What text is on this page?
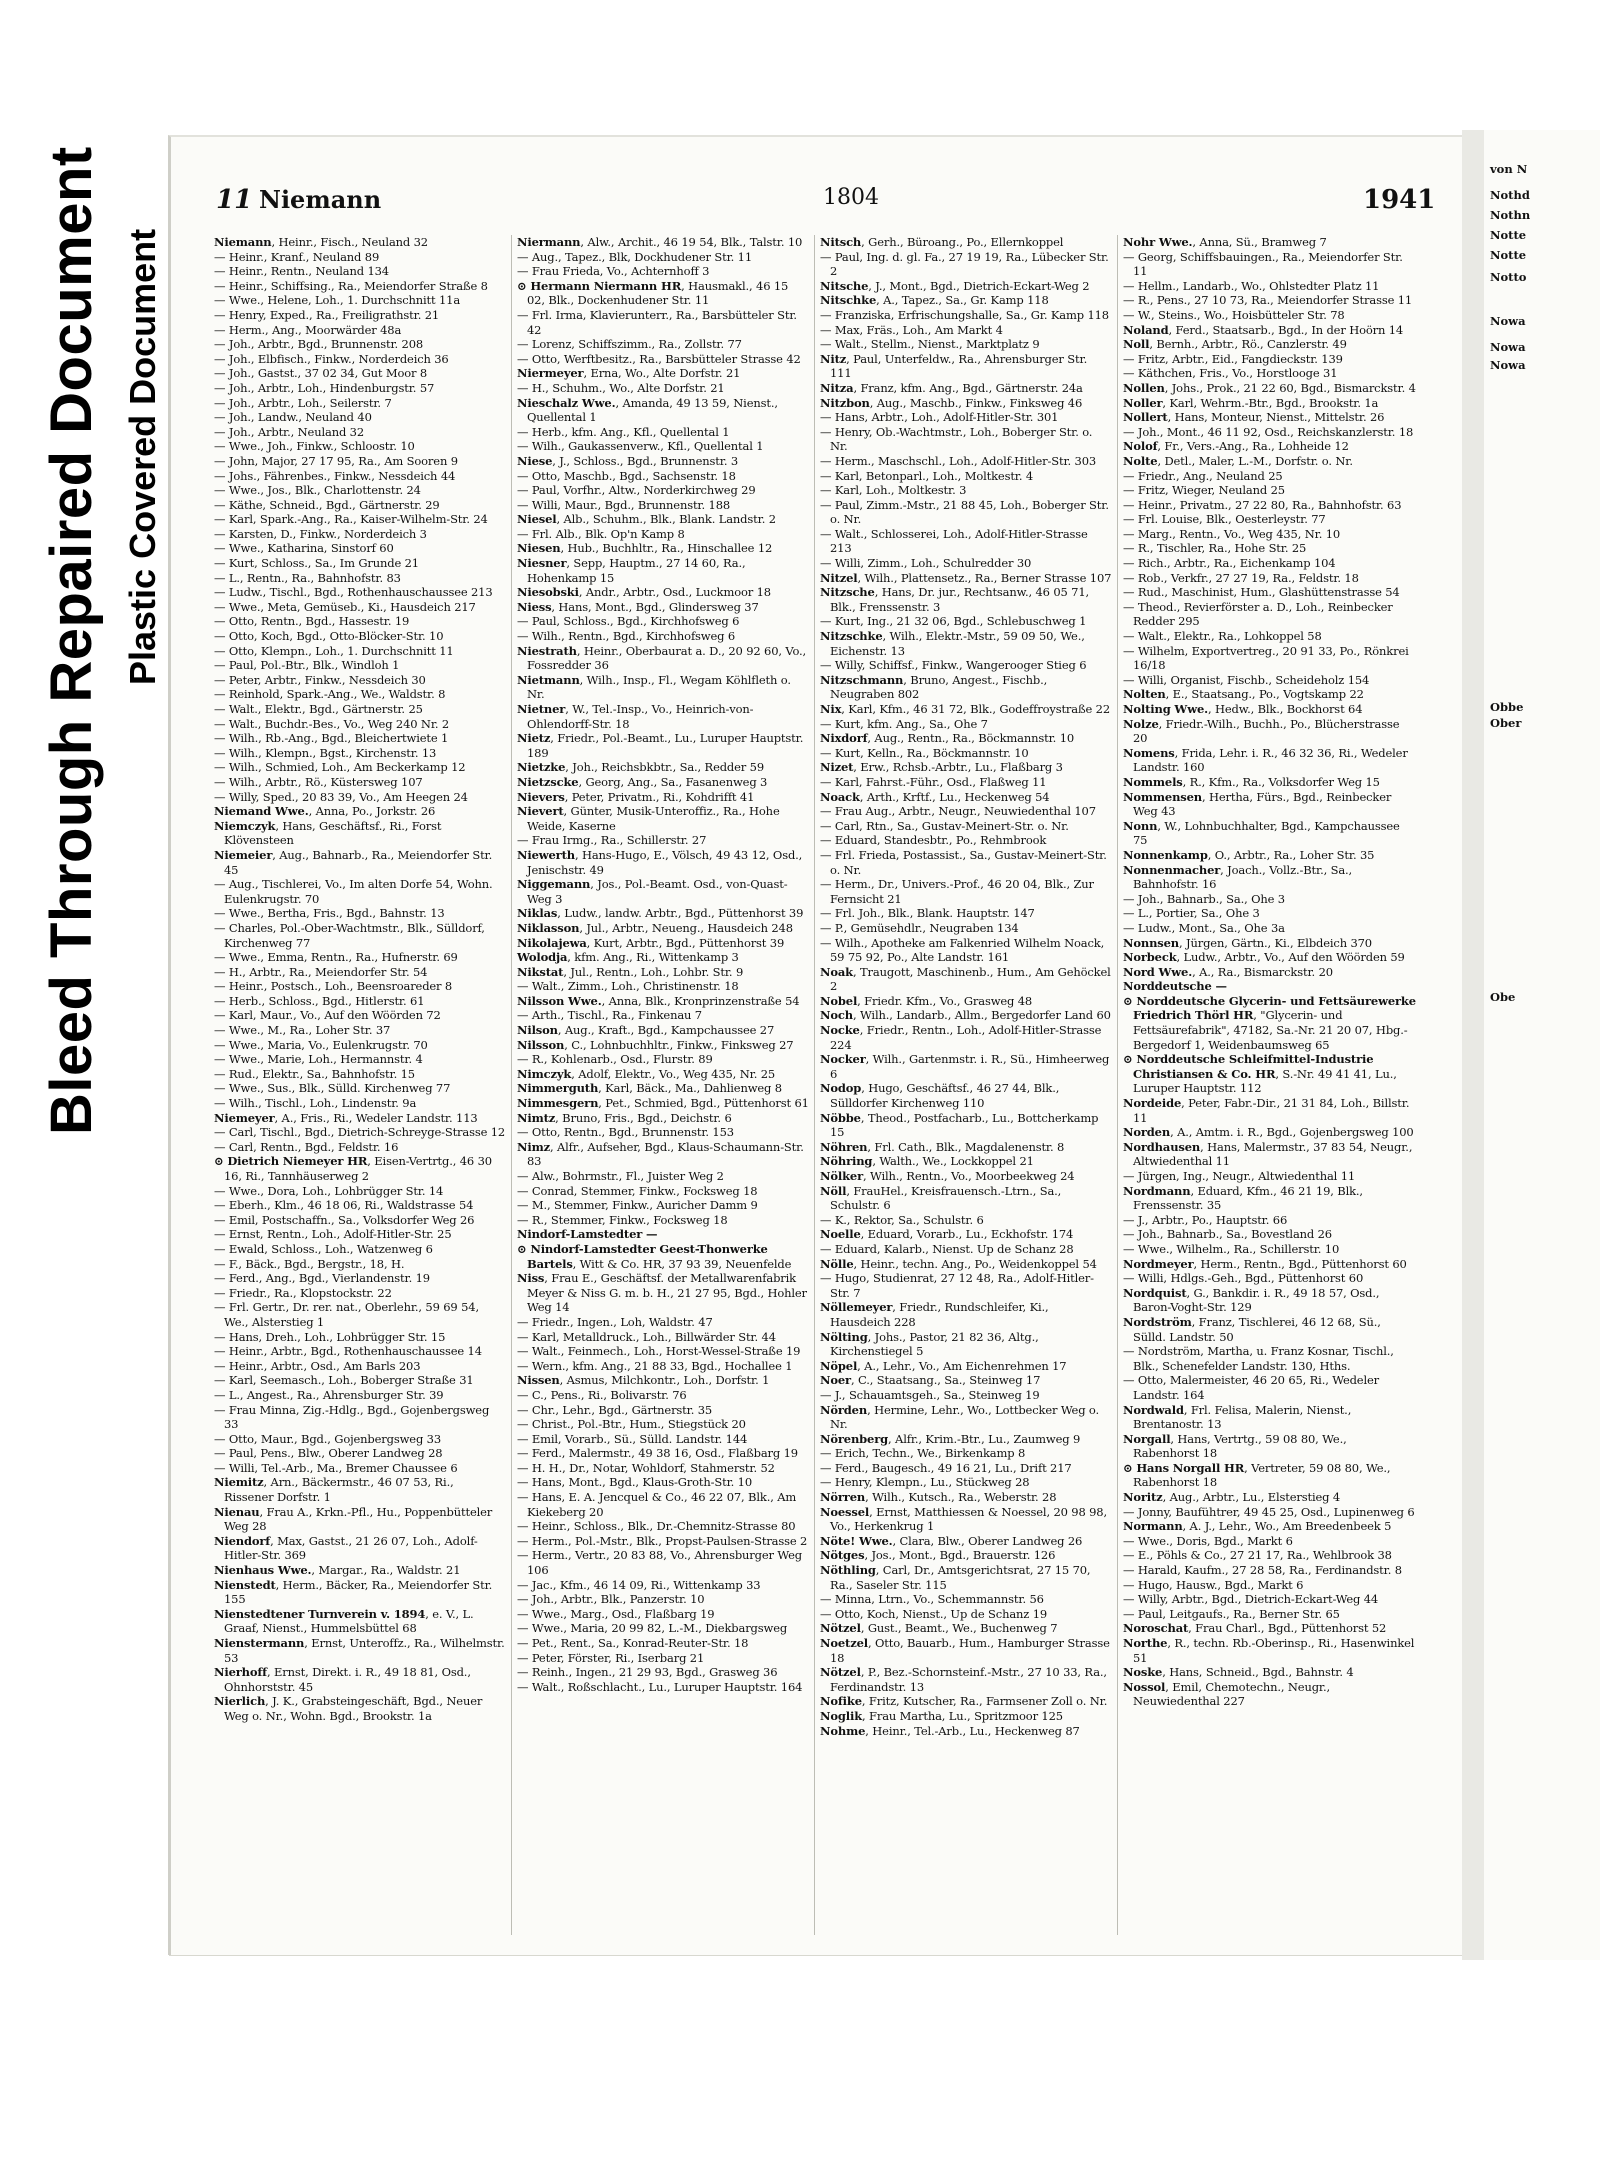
Bleed Through Repaired Document Plastic Covered Document
11 Niemann	1804	1941

Niemann, Heinr., Fisch., Neuland 32

— Heinr., Kranf., Neuland 89

— Heinr., Rentn., Neuland 134

— Heinr., Schiffsing., Ra., Meiendorfer Straße 8

— Wwe., Helene, Loh., 1. Durchschnitt 11a

— Henry, Exped., Ra., Freiligrathstr. 21

— Herm., Ang., Moorwärder 48a

— Joh., Arbtr., Bgd., Brunnenstr. 208

— Joh., Elbfisch., Finkw., Norderdeich 36

— Joh., Gastst., 37 02 34, Gut Moor 8

— Joh., Arbtr., Loh., Hindenburgstr. 57

— Joh., Arbtr., Loh., Seilerstr. 7

— Joh., Landw., Neuland 40

— Joh., Arbtr., Neuland 32

— Wwe., Joh., Finkw., Schloostr. 10

— John, Major, 27 17 95, Ra., Am Sooren 9

— Johs., Fährenbes., Finkw., Nessdeich 44

— Wwe., Jos., Blk., Charlottenstr. 24

— Käthe, Schneid., Bgd., Gärtnerstr. 29

— Karl, Spark.-Ang., Ra., Kaiser-Wilhelm-Str. 24

— Karsten, D., Finkw., Norderdeich 3

— Wwe., Katharina, Sinstorf 60

— Kurt, Schloss., Sa., Im Grunde 21

— L., Rentn., Ra., Bahnhofstr. 83

— Ludw., Tischl., Bgd., Rothenhauschaussee 213

— Wwe., Meta, Gemüseb., Ki., Hausdeich 217

— Otto, Rentn., Bgd., Hassestr. 19

— Otto, Koch, Bgd., Otto-Blöcker-Str. 10

— Otto, Klempn., Loh., 1. Durchschnitt 11

— Paul, Pol.-Btr., Blk., Windloh 1

— Peter, Arbtr., Finkw., Nessdeich 30

— Reinhold, Spark.-Ang., We., Waldstr. 8

— Walt., Elektr., Bgd., Gärtnerstr. 25

— Walt., Buchdr.-Bes., Vo., Weg 240 Nr. 2

— Wilh., Rb.-Ang., Bgd., Bleichertwiete 1

— Wilh., Klempn., Bgst., Kirchenstr. 13

— Wilh., Schmied, Loh., Am Beckerkamp 12

— Wilh., Arbtr., Rö., Küstersweg 107

— Willy, Sped., 20 83 39, Vo., Am Heegen 24

Niemand Wwe., Anna, Po., Jorkstr. 26

Niemczyk, Hans, Geschäftsf., Ri., Forst Klövensteen

Niemeier, Aug., Bahnarb., Ra., Meiendorfer Str. 45

— Aug., Tischlerei, Vo., Im alten Dorfe 54, Wohn. Eulenkrugstr. 70

— Wwe., Bertha, Fris., Bgd., Bahnstr. 13

— Charles, Pol.-Ober-Wachtmstr., Blk., Sülldorf, Kirchenweg 77

— Wwe., Emma, Rentn., Ra., Hufnerstr. 69

— H., Arbtr., Ra., Meiendorfer Str. 54

— Heinr., Postsch., Loh., Beensroareder 8

— Herb., Schloss., Bgd., Hitlerstr. 61

— Karl, Maur., Vo., Auf den Wöörden 72

— Wwe., M., Ra., Loher Str. 37

— Wwe., Maria, Vo., Eulenkrugstr. 70

— Wwe., Marie, Loh., Hermannstr. 4

— Rud., Elektr., Sa., Bahnhofstr. 15

— Wwe., Sus., Blk., Sülld. Kirchenweg 77

— Wilh., Tischl., Loh., Lindenstr. 9a

Niemeyer, A., Fris., Ri., Wedeler Landstr. 113

— Carl, Tischl., Bgd., Dietrich-Schreyge-Strasse 12

— Carl, Rentn., Bgd., Feldstr. 16

⊙ Dietrich Niemeyer HR, Eisen-Vertrtg., 46 30 16, Ri., Tannhäuserweg 2

— Wwe., Dora, Loh., Lohbrügger Str. 14

— Eberh., Klm., 46 18 06, Ri., Waldstrasse 54

— Emil, Postschaffn., Sa., Volksdorfer Weg 26

— Ernst, Rentn., Loh., Adolf-Hitler-Str. 25

— Ewald, Schloss., Loh., Watzenweg 6

— F., Bäck., Bgd., Bergstr., 18, H.

— Ferd., Ang., Bgd., Vierlandenstr. 19

— Friedr., Ra., Klopstockstr. 22

— Frl. Gertr., Dr. rer. nat., Oberlehr., 59 69 54, We., Alsterstieg 1

— Hans, Dreh., Loh., Lohbrügger Str. 15

— Heinr., Arbtr., Bgd., Rothenhauschaussee 14

— Heinr., Arbtr., Osd., Am Barls 203

— Karl, Seemasch., Loh., Boberger Straße 31

— L., Angest., Ra., Ahrensburger Str. 39

— Frau Minna, Zig.-Hdlg., Bgd., Gojenbergsweg 33

— Otto, Maur., Bgd., Gojenbergsweg 33

— Paul, Pens., Blw., Oberer Landweg 28

— Willi, Tel.-Arb., Ma., Bremer Chaussee 6

Niemitz, Arn., Bäckermstr., 46 07 53, Ri., Rissener Dorfstr. 1

Nienau, Frau A., Krkn.-Pfl., Hu., Poppenbütteler Weg 28

Niendorf, Max, Gastst., 21 26 07, Loh., Adolf-Hitler-Str. 369

Nienhaus Wwe., Margar., Ra., Waldstr. 21

Nienstedt, Herm., Bäcker, Ra., Meiendorfer Str. 155

Nienstedtener Turnverein v. 1894, e. V., L. Graaf, Nienst., Hummelsbüttel 68

Nienstermann, Ernst, Unteroffz., Ra., Wilhelmstr. 53

Nierhoff, Ernst, Direkt. i. R., 49 18 81, Osd., Ohnhorststr. 45

Nierlich, J. K., Grabsteingeschäft, Bgd., Neuer Weg o. Nr., Wohn. Bgd., Brookstr. 1a

Niermann, Alw., Archit., 46 19 54, Blk., Talstr. 10

— Aug., Tapez., Blk, Dockhudener Str. 11

— Frau Frieda, Vo., Achternhoff 3

⊙ Hermann Niermann HR, Hausmakl., 46 15 02, Blk., Dockenhudener Str. 11

— Frl. Irma, Klavierunterr., Ra., Barsbütteler Str. 42

— Lorenz, Schiffszimm., Ra., Zollstr. 77

— Otto, Werftbesitz., Ra., Barsbütteler Strasse 42

Niermeyer, Erna, Wo., Alte Dorfstr. 21

— H., Schuhm., Wo., Alte Dorfstr. 21

Nieschalz Wwe., Amanda, 49 13 59, Nienst., Quellental 1

— Herb., kfm. Ang., Kfl., Quellental 1

— Wilh., Gaukassenverw., Kfl., Quellental 1

Niese, J., Schloss., Bgd., Brunnenstr. 3

— Otto, Maschb., Bgd., Sachsenstr. 18

— Paul, Vorfhr., Altw., Norderkirchweg 29

— Willi, Maur., Bgd., Brunnenstr. 188

Niesel, Alb., Schuhm., Blk., Blank. Landstr. 2

— Frl. Alb., Blk. Op'n Kamp 8

Niesen, Hub., Buchhltr., Ra., Hinschallee 12

Niesner, Sepp, Hauptm., 27 14 60, Ra., Hohenkamp 15

Niesobski, Andr., Arbtr., Osd., Luckmoor 18

Niess, Hans, Mont., Bgd., Glindersweg 37

— Paul, Schloss., Bgd., Kirchhofsweg 6

— Wilh., Rentn., Bgd., Kirchhofsweg 6

Niestrath, Heinr., Oberbaurat a. D., 20 92 60, Vo., Fossredder 36

Nietmann, Wilh., Insp., Fl., Wegam Köhlfleth o. Nr.

Nietner, W., Tel.-Insp., Vo., Heinrich-von-Ohlendorff-Str. 18

Nietz, Friedr., Pol.-Beamt., Lu., Luruper Hauptstr. 189

Nietzke, Joh., Reichsbkbtr., Sa., Redder 59

Nietzscke, Georg, Ang., Sa., Fasanenweg 3

Nievers, Peter, Privatm., Ri., Kohdrifft 41

Nievert, Günter, Musik-Unteroffiz., Ra., Hohe Weide, Kaserne

— Frau Irmg., Ra., Schillerstr. 27

Niewerth, Hans-Hugo, E., Völsch, 49 43 12, Osd., Jenischstr. 49

Niggemann, Jos., Pol.-Beamt. Osd., von-Quast-Weg 3

Niklas, Ludw., landw. Arbtr., Bgd., Püttenhorst 39

Niklasson, Jul., Arbtr., Neueng., Hausdeich 248

Nikolajewa, Kurt, Arbtr., Bgd., Püttenhorst 39

Wolodja, kfm. Ang., Ri., Wittenkamp 3

Nikstat, Jul., Rentn., Loh., Lohbr. Str. 9

— Walt., Zimm., Loh., Christinenstr. 18

Nilsson Wwe., Anna, Blk., Kronprinzenstraße 54

— Arth., Tischl., Ra., Finkenau 7

Nilson, Aug., Kraft., Bgd., Kampchaussee 27

Nilsson, C., Lohnbuchhltr., Finkw., Finksweg 27

— R., Kohlenarb., Osd., Flurstr. 89

Nimczyk, Adolf, Elektr., Vo., Weg 435, Nr. 25

Nimmerguth, Karl, Bäck., Ma., Dahlienweg 8

Nimmesgern, Pet., Schmied, Bgd., Püttenhorst 61

Nimtz, Bruno, Fris., Bgd., Deichstr. 6

— Otto, Rentn., Bgd., Brunnenstr. 153

Nimz, Alfr., Aufseher, Bgd., Klaus-Schaumann-Str. 83

— Alw., Bohrmstr., Fl., Juister Weg 2

— Conrad, Stemmer, Finkw., Focksweg 18

— M., Stemmer, Finkw., Auricher Damm 9

— R., Stemmer, Finkw., Focksweg 18

Nindorf-Lamstedter —

⊙ Nindorf-Lamstedter Geest-Thonwerke Bartels, Witt & Co. HR, 37 93 39, Neuenfelde

Niss, Frau E., Geschäftsf. der Metallwarenfabrik Meyer & Niss G. m. b. H., 21 27 95, Bgd., Hohler Weg 14

— Friedr., Ingen., Loh, Waldstr. 47

— Karl, Metalldruck., Loh., Billwärder Str. 44

— Walt., Feinmech., Loh., Horst-Wessel-Straße 19

— Wern., kfm. Ang., 21 88 33, Bgd., Hochallee 1

Nissen, Asmus, Milchkontr., Loh., Dorfstr. 1

— C., Pens., Ri., Bolivarstr. 76

— Chr., Lehr., Bgd., Gärtnerstr. 35

— Christ., Pol.-Btr., Hum., Stiegstück 20

— Emil, Vorarb., Sü., Sülld. Landstr. 144

— Ferd., Malermstr., 49 38 16, Osd., Flaßbarg 19

— H. H., Dr., Notar, Wohldorf, Stahmerstr. 52

— Hans, Mont., Bgd., Klaus-Groth-Str. 10

— Hans, E. A. Jencquel & Co., 46 22 07, Blk., Am Kiekeberg 20

— Heinr., Schloss., Blk., Dr.-Chemnitz-Strasse 80

— Herm., Pol.-Mstr., Blk., Propst-Paulsen-Strasse 2

— Herm., Vertr., 20 83 88, Vo., Ahrensburger Weg 106

— Jac., Kfm., 46 14 09, Ri., Wittenkamp 33

— Joh., Arbtr., Blk., Panzerstr. 10

— Wwe., Marg., Osd., Flaßbarg 19

— Wwe., Maria, 20 99 82, L.-M., Diekbargsweg

— Pet., Rent., Sa., Konrad-Reuter-Str. 18

— Peter, Förster, Ri., Iserbarg 21

— Reinh., Ingen., 21 29 93, Bgd., Grasweg 36

— Walt., Roßschlacht., Lu., Luruper Hauptstr. 164

Nitsch, Gerh., Büroang., Po., Ellernkoppel

— Paul, Ing. d. gl. Fa., 27 19 19, Ra., Lübecker Str. 2

Nitsche, J., Mont., Bgd., Dietrich-Eckart-Weg 2

Nitschke, A., Tapez., Sa., Gr. Kamp 118

— Franziska, Erfrischungshalle, Sa., Gr. Kamp 118

— Max, Fräs., Loh., Am Markt 4

— Walt., Stellm., Nienst., Marktplatz 9

Nitz, Paul, Unterfeldw., Ra., Ahrensburger Str. 111

Nitza, Franz, kfm. Ang., Bgd., Gärtnerstr. 24a

Nitzbon, Aug., Maschb., Finkw., Finksweg 46

— Hans, Arbtr., Loh., Adolf-Hitler-Str. 301

— Henry, Ob.-Wachtmstr., Loh., Boberger Str. o. Nr.

— Herm., Maschschl., Loh., Adolf-Hitler-Str. 303

— Karl, Betonparl., Loh., Moltkestr. 4

— Karl, Loh., Moltkestr. 3

— Paul, Zimm.-Mstr., 21 88 45, Loh., Boberger Str. o. Nr.

— Walt., Schlosserei, Loh., Adolf-Hitler-Strasse 213

— Willi, Zimm., Loh., Schulredder 30

Nitzel, Wilh., Plattensetz., Ra., Berner Strasse 107

Nitzsche, Hans, Dr. jur., Rechtsanw., 46 05 71, Blk., Frenssenstr. 3

— Kurt, Ing., 21 32 06, Bgd., Schlebuschweg 1

Nitzschke, Wilh., Elektr.-Mstr., 59 09 50, We., Eichenstr. 13

— Willy, Schiffsf., Finkw., Wangerooger Stieg 6

Nitzschmann, Bruno, Angest., Fischb., Neugraben 802

Nix, Karl, Kfm., 46 31 72, Blk., Godeffroystraße 22

— Kurt, kfm. Ang., Sa., Ohe 7

Nixdorf, Aug., Rentn., Ra., Böckmannstr. 10

— Kurt, Kelln., Ra., Böckmannstr. 10

Nizet, Erw., Rchsb.-Arbtr., Lu., Flaßbarg 3

— Karl, Fahrst.-Führ., Osd., Flaßweg 11

Noack, Arth., Krftf., Lu., Heckenweg 54

— Frau Aug., Arbtr., Neugr., Neuwiedenthal 107

— Carl, Rtn., Sa., Gustav-Meinert-Str. o. Nr.

— Eduard, Standesbtr., Po., Rehmbrook

— Frl. Frieda, Postassist., Sa., Gustav-Meinert-Str. o. Nr.

— Herm., Dr., Univers.-Prof., 46 20 04, Blk., Zur Fernsicht 21

— Frl. Joh., Blk., Blank. Hauptstr. 147

— P., Gemüsehdlr., Neugraben 134

— Wilh., Apotheke am Falkenried Wilhelm Noack, 59 75 92, Po., Alte Landstr. 161

Noak, Traugott, Maschinenb., Hum., Am Gehöckel 2

Nobel, Friedr. Kfm., Vo., Grasweg 48

Noch, Wilh., Landarb., Allm., Bergedorfer Land 60

Nocke, Friedr., Rentn., Loh., Adolf-Hitler-Strasse 224

Nocker, Wilh., Gartenmstr. i. R., Sü., Himheerweg 6

Nodop, Hugo, Geschäftsf., 46 27 44, Blk., Sülldorfer Kirchenweg 110

Nöbbe, Theod., Postfacharb., Lu., Bottcherkamp 15

Nöhren, Frl. Cath., Blk., Magdalenenstr. 8

Nöhring, Walth., We., Lockkoppel 21

Nölker, Wilh., Rentn., Vo., Moorbeekweg 24

Nöll, FrauHel., Kreisfrauensch.-Ltrn., Sa., Schulstr. 6

— K., Rektor, Sa., Schulstr. 6

Noelle, Eduard, Vorarb., Lu., Eckhofstr. 174

— Eduard, Kalarb., Nienst. Up de Schanz 28

Nölle, Heinr., techn. Ang., Po., Weidenkoppel 54

— Hugo, Studienrat, 27 12 48, Ra., Adolf-Hitler-Str. 7

Nöllemeyer, Friedr., Rundschleifer, Ki., Hausdeich 228

Nölting, Johs., Pastor, 21 82 36, Altg., Kirchenstiegel 5

Nöpel, A., Lehr., Vo., Am Eichenrehmen 17

Noer, C., Staatsang., Sa., Steinweg 17

— J., Schauamtsgeh., Sa., Steinweg 19

Nörden, Hermine, Lehr., Wo., Lottbecker Weg o. Nr.

Nörenberg, Alfr., Krim.-Btr., Lu., Zaumweg 9

— Erich, Techn., We., Birkenkamp 8

— Ferd., Baugesch., 49 16 21, Lu., Drift 217

— Henry, Klempn., Lu., Stückweg 28

Nörren, Wilh., Kutsch., Ra., Weberstr. 28

Noessel, Ernst, Matthiessen & Noessel, 20 98 98, Vo., Herkenkrug 1

Nöte! Wwe., Clara, Blw., Oberer Landweg 26

Nötges, Jos., Mont., Bgd., Brauerstr. 126

Nöthling, Carl, Dr., Amtsgerichtsrat, 27 15 70, Ra., Saseler Str. 115

— Minna, Ltrn., Vo., Schemmannstr. 56

— Otto, Koch, Nienst., Up de Schanz 19

Nötzel, Gust., Beamt., We., Buchenweg 7

Noetzel, Otto, Bauarb., Hum., Hamburger Strasse 18

Nötzel, P., Bez.-Schornsteinf.-Mstr., 27 10 33, Ra., Ferdinandstr. 13

Nofike, Fritz, Kutscher, Ra., Farmsener Zoll o. Nr.

Noglik, Frau Martha, Lu., Spritzmoor 125

Nohme, Heinr., Tel.-Arb., Lu., Heckenweg 87

Nohr Wwe., Anna, Sü., Bramweg 7

— Georg, Schiffsbauingen., Ra., Meiendorfer Str. 11

— Hellm., Landarb., Wo., Ohlstedter Platz 11

— R., Pens., 27 10 73, Ra., Meiendorfer Strasse 11

— W., Steins., Wo., Hoisbütteler Str. 78

Noland, Ferd., Staatsarb., Bgd., In der Hoörn 14

Noll, Bernh., Arbtr., Rö., Canzlerstr. 49

— Fritz, Arbtr., Eid., Fangdieckstr. 139

— Käthchen, Fris., Vo., Horstlooge 31

Nollen, Johs., Prok., 21 22 60, Bgd., Bismarckstr. 4

Noller, Karl, Wehrm.-Btr., Bgd., Brookstr. 1a

Nollert, Hans, Monteur, Nienst., Mittelstr. 26

— Joh., Mont., 46 11 92, Osd., Reichskanzlerstr. 18

Nolof, Fr., Vers.-Ang., Ra., Lohheide 12

Nolte, Detl., Maler, L.-M., Dorfstr. o. Nr.

— Friedr., Ang., Neuland 25

— Fritz, Wieger, Neuland 25

— Heinr., Privatm., 27 22 80, Ra., Bahnhofstr. 63

— Frl. Louise, Blk., Oesterleystr. 77

— Marg., Rentn., Vo., Weg 435, Nr. 10

— R., Tischler, Ra., Hohe Str. 25

— Rich., Arbtr., Ra., Eichenkamp 104

— Rob., Verkfr., 27 27 19, Ra., Feldstr. 18

— Rud., Maschinist, Hum., Glashüttenstrasse 54

— Theod., Revierförster a. D., Loh., Reinbecker Redder 295

— Walt., Elektr., Ra., Lohkoppel 58

— Wilhelm, Exportvertreg., 20 91 33, Po., Rönkrei 16/18

— Willi, Organist, Fischb., Scheideholz 154

Nolten, E., Staatsang., Po., Vogtskamp 22

Nolting Wwe., Hedw., Blk., Bockhorst 64

Nolze, Friedr.-Wilh., Buchh., Po., Blücherstrasse 20

Nomens, Frida, Lehr. i. R., 46 32 36, Ri., Wedeler Landstr. 160

Nommels, R., Kfm., Ra., Volksdorfer Weg 15

Nommensen, Hertha, Fürs., Bgd., Reinbecker Weg 43

Nonn, W., Lohnbuchhalter, Bgd., Kampchaussee 75

Nonnenkamp, O., Arbtr., Ra., Loher Str. 35

Nonnenmacher, Joach., Vollz.-Btr., Sa., Bahnhofstr. 16

— Joh., Bahnarb., Sa., Ohe 3

— L., Portier, Sa., Ohe 3

— Ludw., Mont., Sa., Ohe 3a

Nonnsen, Jürgen, Gärtn., Ki., Elbdeich 370

Norbeck, Ludw., Arbtr., Vo., Auf den Wöörden 59

Nord Wwe., A., Ra., Bismarckstr. 20

Norddeutsche —

⊙ Norddeutsche Glycerin- und Fettsäurewerke Friedrich Thörl HR, "Glycerin- und Fettsäurefabrik", 47182, Sa.-Nr. 21 20 07, Hbg.-Bergedorf 1, Weidenbaumsweg 65

⊙ Norddeutsche Schleifmittel-Industrie Christiansen & Co. HR, S.-Nr. 49 41 41, Lu., Luruper Hauptstr. 112

Nordeide, Peter, Fabr.-Dir., 21 31 84, Loh., Billstr. 11

Norden, A., Amtm. i. R., Bgd., Gojenbergsweg 100

Nordhausen, Hans, Malermstr., 37 83 54, Neugr., Altwiedenthal 11

— Jürgen, Ing., Neugr., Altwiedenthal 11

Nordmann, Eduard, Kfm., 46 21 19, Blk., Frenssenstr. 35

— J., Arbtr., Po., Hauptstr. 66

— Joh., Bahnarb., Sa., Bovestland 26

— Wwe., Wilhelm., Ra., Schillerstr. 10

Nordmeyer, Herm., Rentn., Bgd., Püttenhorst 60

— Willi, Hdlgs.-Geh., Bgd., Püttenhorst 60

Nordquist, G., Bankdir. i. R., 49 18 57, Osd., Baron-Voght-Str. 129

Nordström, Franz, Tischlerei, 46 12 68, Sü., Sülld. Landstr. 50

— Nordström, Martha, u. Franz Kosnar, Tischl., Blk., Schenefelder Landstr. 130, Hths.

— Otto, Malermeister, 46 20 65, Ri., Wedeler Landstr. 164

Nordwald, Frl. Felisa, Malerin, Nienst., Brentanostr. 13

Norgall, Hans, Vertrtg., 59 08 80, We., Rabenhorst 18

⊙ Hans Norgall HR, Vertreter, 59 08 80, We., Rabenhorst 18

Noritz, Aug., Arbtr., Lu., Elsterstieg 4

— Jonny, Baufühtrer, 49 45 25, Osd., Lupinenweg 6

Normann, A. J., Lehr., Wo., Am Breedenbeek 5

— Wwe., Doris, Bgd., Markt 6

— E., Pöhls & Co., 27 21 17, Ra., Wehlbrook 38

— Harald, Kaufm., 27 28 58, Ra., Ferdinandstr. 8

— Hugo, Hausw., Bgd., Markt 6

— Willy, Arbtr., Bgd., Dietrich-Eckart-Weg 44

— Paul, Leitgaufs., Ra., Berner Str. 65

Noroschat, Frau Charl., Bgd., Püttenhorst 52

Northe, R., techn. Rb.-Oberinsp., Ri., Hasenwinkel 51

Noske, Hans, Schneid., Bgd., Bahnstr. 4

Nossol, Emil, Chemotechn., Neugr., Neuwiedenthal 227

von N
Nothd
Nothn
Notte
Notte
Notto
Nowa
Nowa
Nowa
Obbe
Ober
Obe
